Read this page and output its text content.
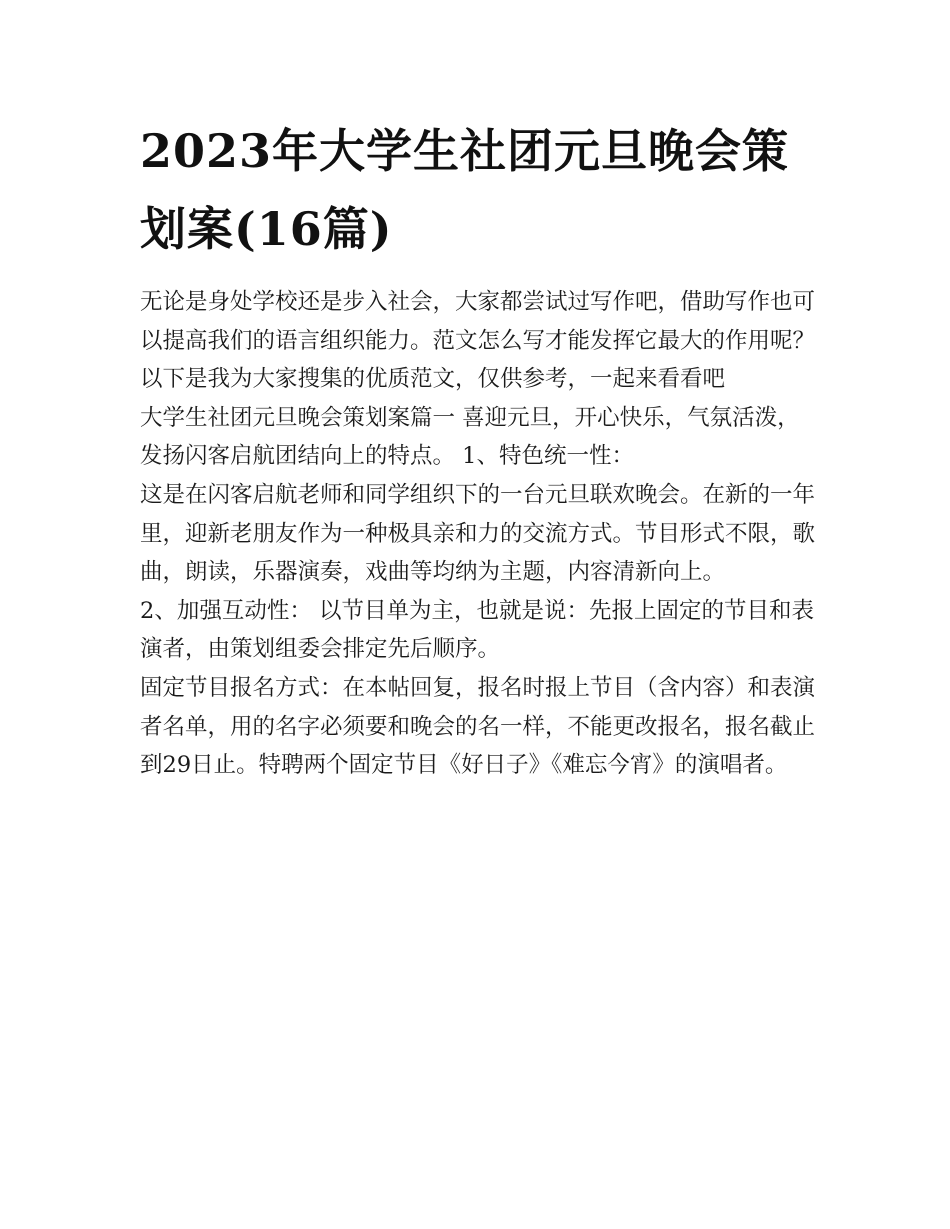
2023年大学生社团元旦晚会策划案(16篇)

无论是身处学校还是步入社会，大家都尝试过写作吧，借助写作也可以提高我们的语言组织能力。范文怎么写才能发挥它最大的作用呢？以下是我为大家搜集的优质范文，仅供参考，一起来看看吧

大学生社团元旦晚会策划案篇一 喜迎元旦，开心快乐，气氛活泼，发扬闪客启航团结向上的特点。 1、特色统一性：

这是在闪客启航老师和同学组织下的一台元旦联欢晚会。在新的一年里，迎新老朋友作为一种极具亲和力的交流方式。节目形式不限，歌曲，朗读，乐器演奏，戏曲等均纳为主题，内容清新向上。

2、加强互动性： 以节目单为主，也就是说：先报上固定的节目和表演者，由策划组委会排定先后顺序。

固定节目报名方式：在本帖回复，报名时报上节目（含内容）和表演者名单，用的名字必须要和晚会的名一样，不能更改报名，报名截止到29日止。特聘两个固定节目《好日子》《难忘今宵》的演唱者。
